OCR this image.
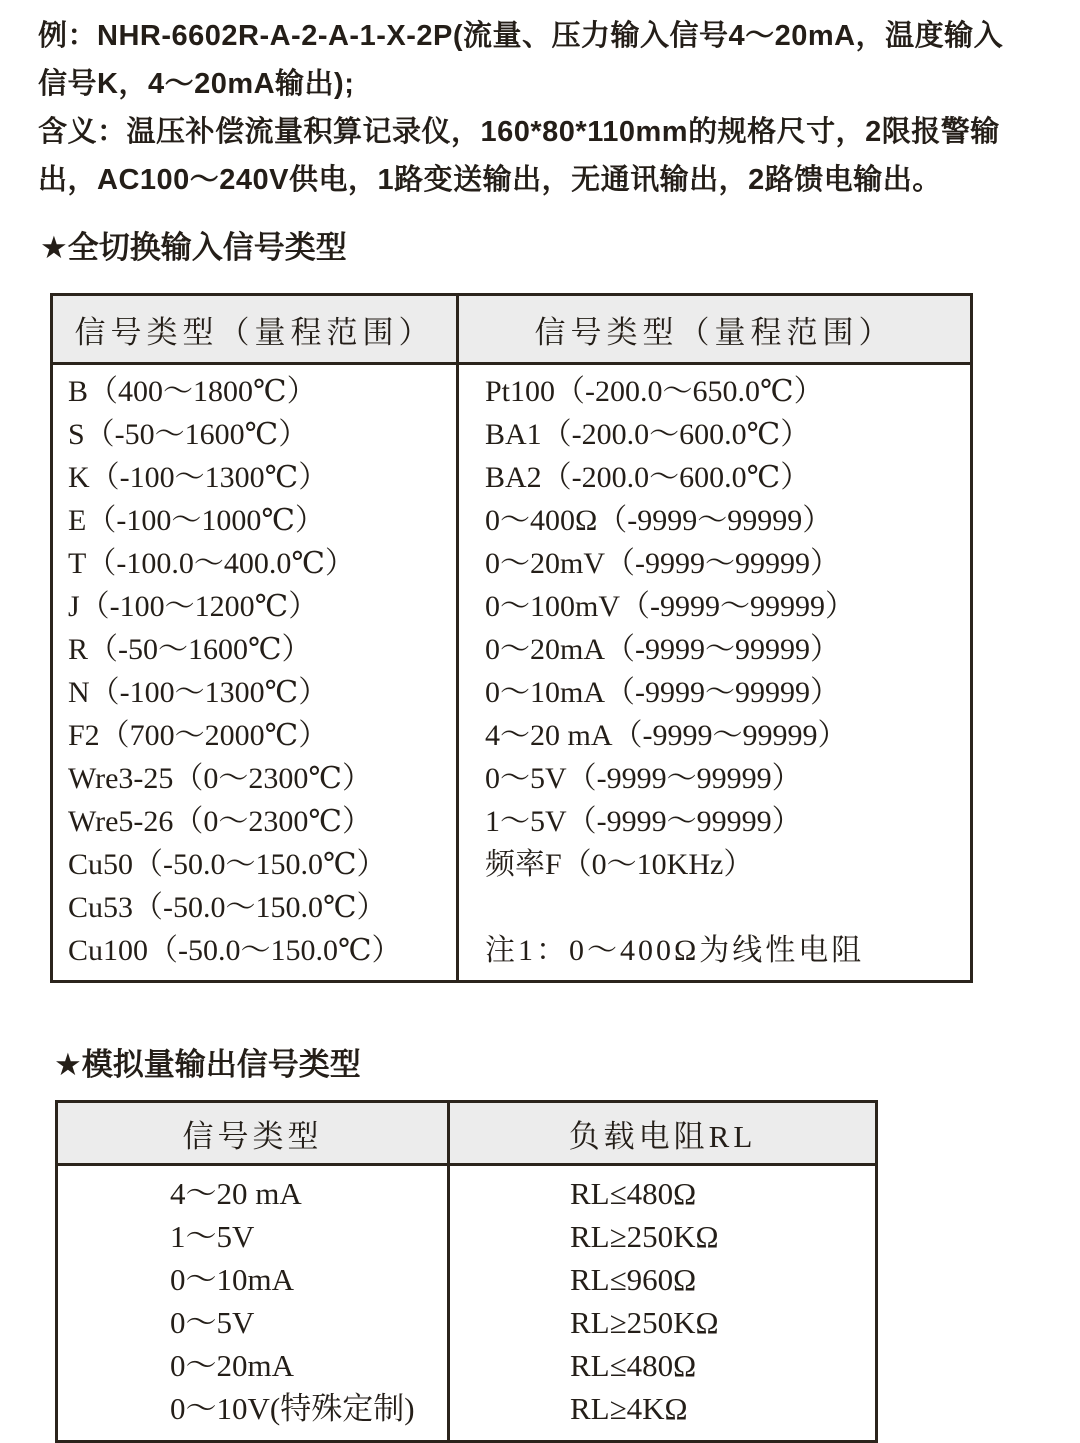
例：NHR-6602R-A-2-A-1-X-2P(流量、压力输入信号4～20mA，温度输入
信号K，4～20mA输出);
含义：温压补偿流量积算记录仪，160*80*110mm的规格尺寸，2限报警输
出，AC100～240V供电，1路变送输出，无通讯输出，2路馈电输出。
★全切换输入信号类型
信号类型（量程范围）	信号类型（量程范围）
B（400～1800℃）
S（-50～1600℃）
K（-100～1300℃）
E（-100～1000℃）
T（-100.0～400.0℃）
J（-100～1200℃）
R（-50～1600℃）
N（-100～1300℃）
F2（700～2000℃）
Wre3-25（0～2300℃）
Wre5-26（0～2300℃）
Cu50（-50.0～150.0℃）
Cu53（-50.0～150.0℃）
Cu100（-50.0～150.0℃）
Pt100（-200.0～650.0℃）
BA1（-200.0～600.0℃）
BA2（-200.0～600.0℃）
0～400Ω（-9999～99999）
0～20mV（-9999～99999）
0～100mV（-9999～99999）
0～20mA（-9999～99999）
0～10mA（-9999～99999）
4～20 mA（-9999～99999）
0～5V（-9999～99999）
1～5V（-9999～99999）
频率F（0～10KHz）

注1：0～400Ω为线性电阻
★模拟量输出信号类型
信号类型	负载电阻RL
4～20 mA
1～5V
0～10mA
0～5V
0～20mA
0～10V(特殊定制)
RL≤480Ω
RL≥250KΩ
RL≤960Ω
RL≥250KΩ
RL≤480Ω
RL≥4KΩ
